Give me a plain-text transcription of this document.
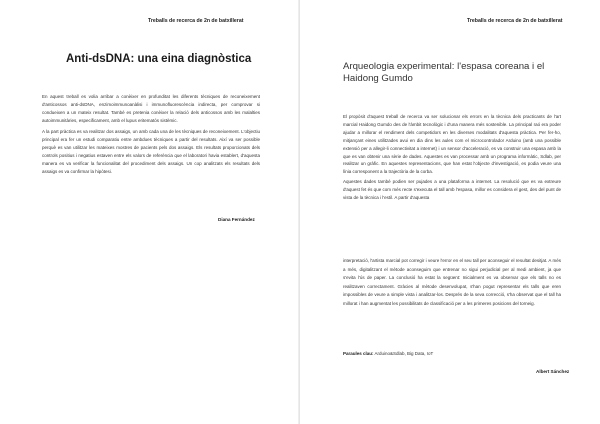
Treballs de recerca de 2n de batxillerat
Anti-dsDNA: una eina diagnòstica

En aquest treball es volia arribar a conèixer en profunditat les diferents tècniques de reconeixement d'anticossos anti-dsDNA, enzimoimmunoanàlisi i immunofluorescència indirecta, per comprovar si condueixen a un mateix resultat. També es pretenia conèixer la relació dels anticossos amb les malalties autoimmunitàries, especificament, amb el lupus eritematós sistèmic.

A la part pràctica es va realitzar dos assaigs, un amb cada una de les tècniques de reconeixement. L'objectiu principal era fer un estudi comparatiu entre ambdues tècniques a partir del resultats. Així va ser possible perquè es van utilitzar les mateixes mostres de pacients pels dos assaigs. Els resultats proporcionats dels controls positius i negatius estaven entre els valors de referència que el laboratori havia establert, d'aquesta manera es va verificar la funcionalitat del procediment dels assaigs. Un cop analitzats els resultats dels assaigs es va confirmar la hipòtesi.

Diana Fernández
Treballs de recerca de 2n de batxillerat
Arqueologia experimental: l'espasa coreana i el Haidong Gumdo

El propòsit d'aquest treball de recerca va ser solucionar els errors en la tècnica dels practicants de l'art marcial Haidong Gumdo des de l'àmbit tecnològic i d'una manera més sostenible. La principal raó era poder ajudar a millorar el rendiment dels competidors en les diverses modalitats d'aquesta pràctica. Per fer-ho, mitjançant eines utilitzades avui en dia dins les aules com el microcontrolador Arduino (amb una possible extensió per a allegir-li connectivitat a internet) i un sensor d'acceleració, es va construir una espasa amb la que es van obtenir una sèrie de dades. Aquestes es van processar amb un programa informàtic, Sdlab, per realitzar un gràfic. En aquestes representacions, que han estat l'objecte d'investigació, es podia veure una línia corresponent a la trajectòria de la corba.

Aquestes dades també podien ser pujades a una plataforma a internet. La resolució que es va extreure d'aquest fet és que com més recte s'executa el tall amb l'espasa, millor es considera el gest, des del punt de vista de la tècnica i l'estil. A partir d'aquesta

interpretació, l'artista marcial pot corregir i veure l'error en el seu tall per aconseguir el resultat desitjat. A més a més, digitalitzant el mètode aconseguim que entrenar no sigui perjudicial per al medi ambient, ja que s'evita l'ús de paper. La conclusió ha estat la següent: Inicialment es va observar que els talls no es realitzaven correctament. Gràcies al mètode desenvolupat, s'han pogut representar els talls que eren impossibles de veure a simple vista i analitzar-los. Després de la seva correcció, s'ha observat que el tall ha millorat i han augmentat les possibilitats de classificació per a les primeres posicions del torneig.

Paraules clau: Arduino&Sdlab, Big Data, IoT
Albert Sánchez
